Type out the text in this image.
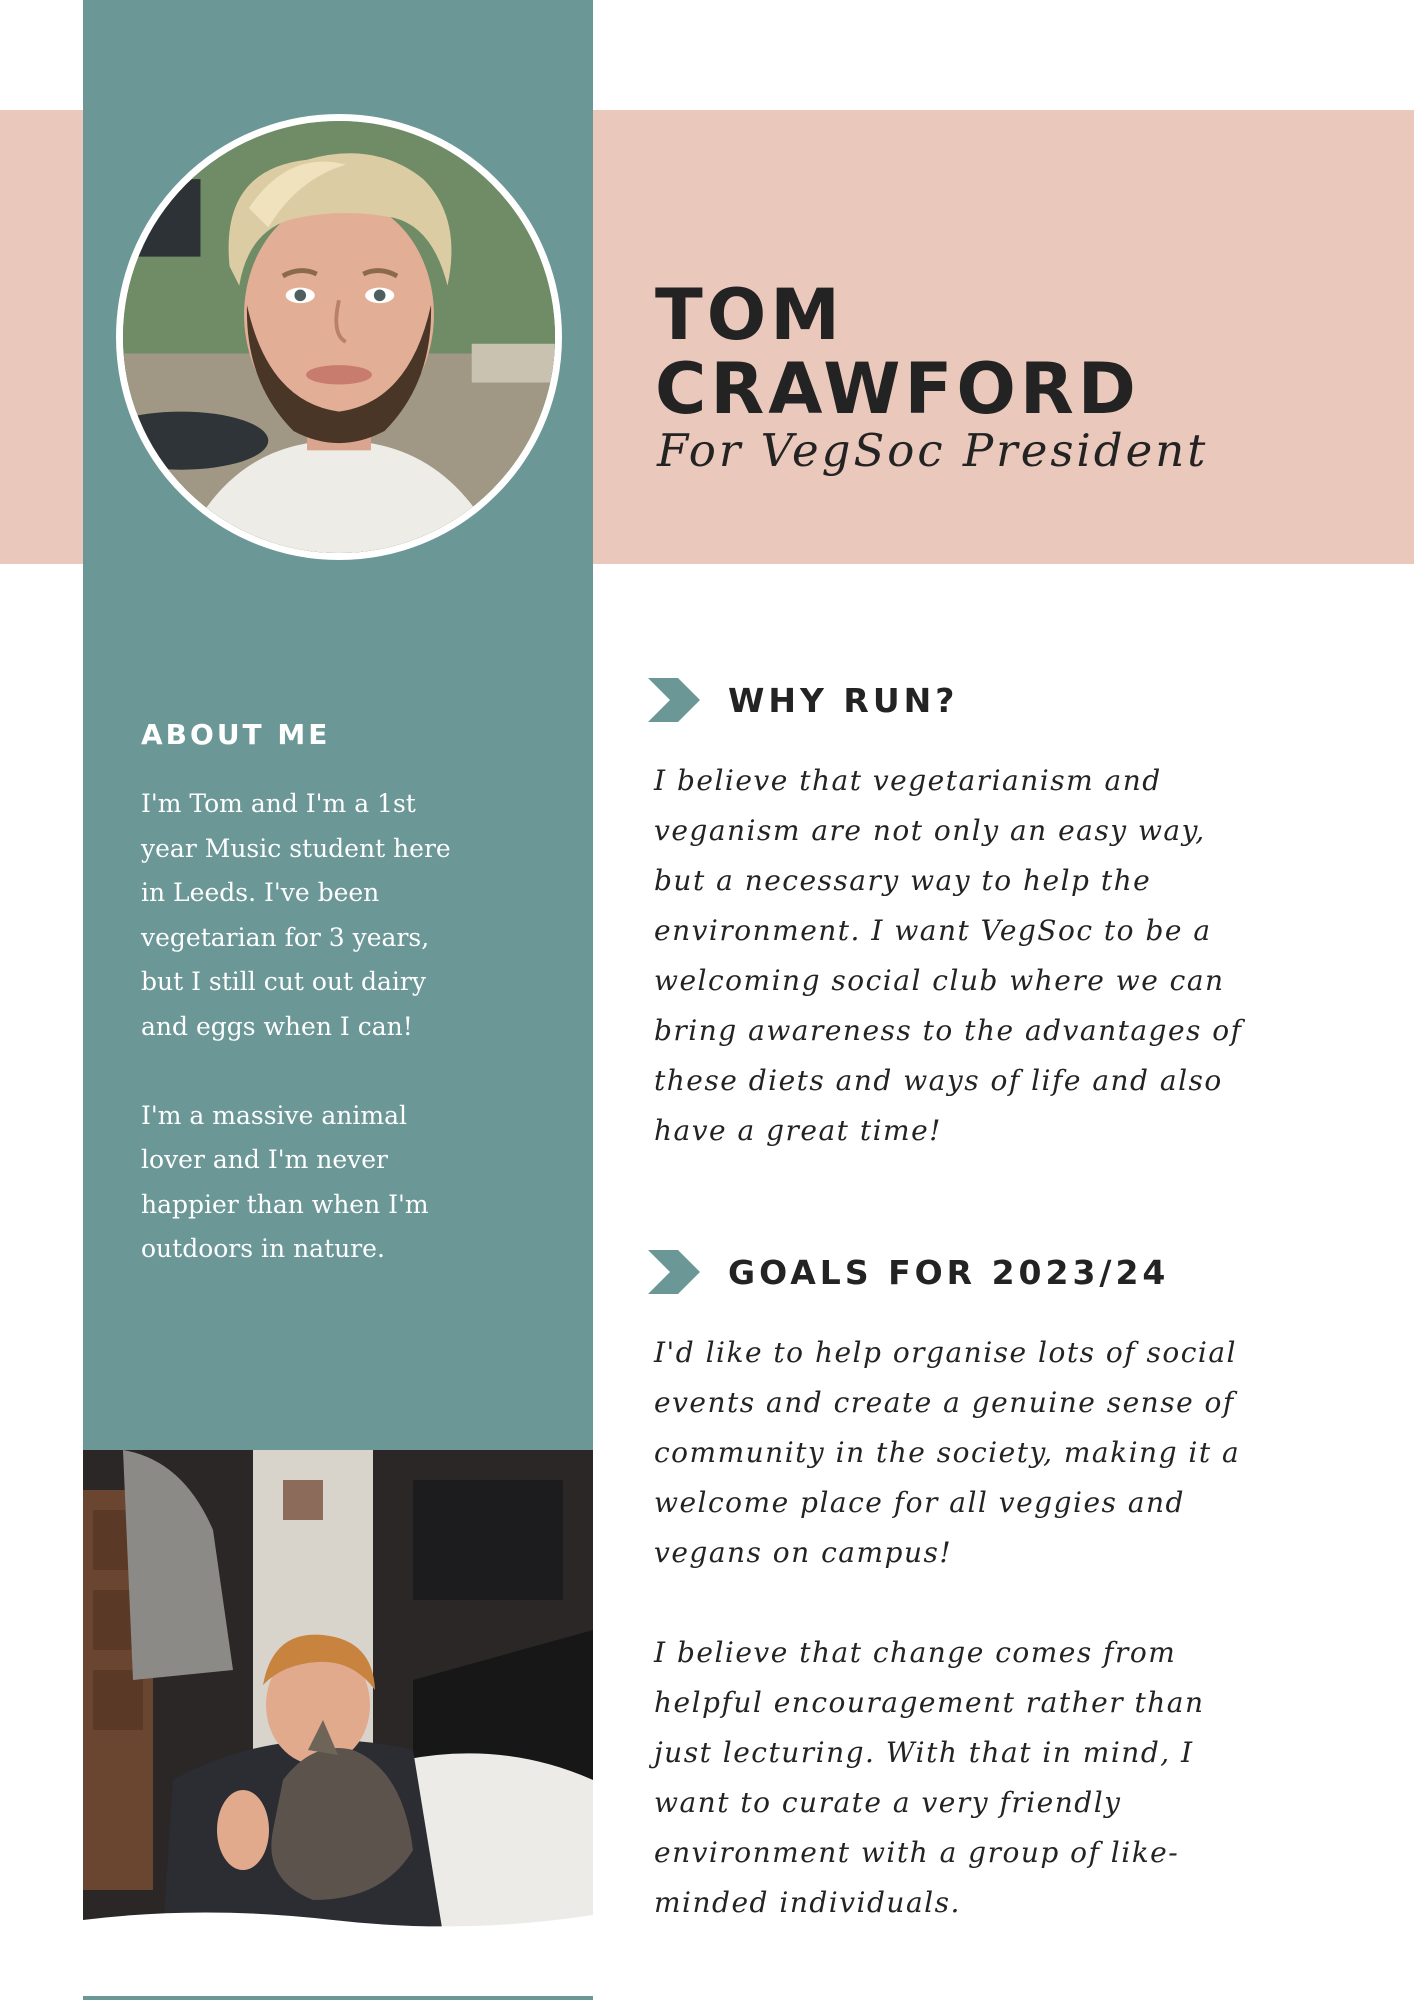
TOM
CRAWFORD
For VegSoc President
ABOUT ME

I'm Tom and I'm a 1st
year Music student here
in Leeds. I've been
vegetarian for 3 years,
but I still cut out dairy
and eggs when I can!

I'm a massive animal
lover and I'm never
happier than when I'm
outdoors in nature.

WHY RUN?

I believe that vegetarianism and

veganism are not only an easy way,

but a necessary way to help the

environment. I want VegSoc to be a

welcoming social club where we can

bring awareness to the advantages of

these diets and ways of life and also

have a great time!

GOALS FOR 2023/24

I'd like to help organise lots of social

events and create a genuine sense of

community in the society, making it a

welcome place for all veggies and

vegans on campus!

I believe that change comes from

helpful encouragement rather than

just lecturing. With that in mind, I

want to curate a very friendly

environment with a group of like-

minded individuals.
